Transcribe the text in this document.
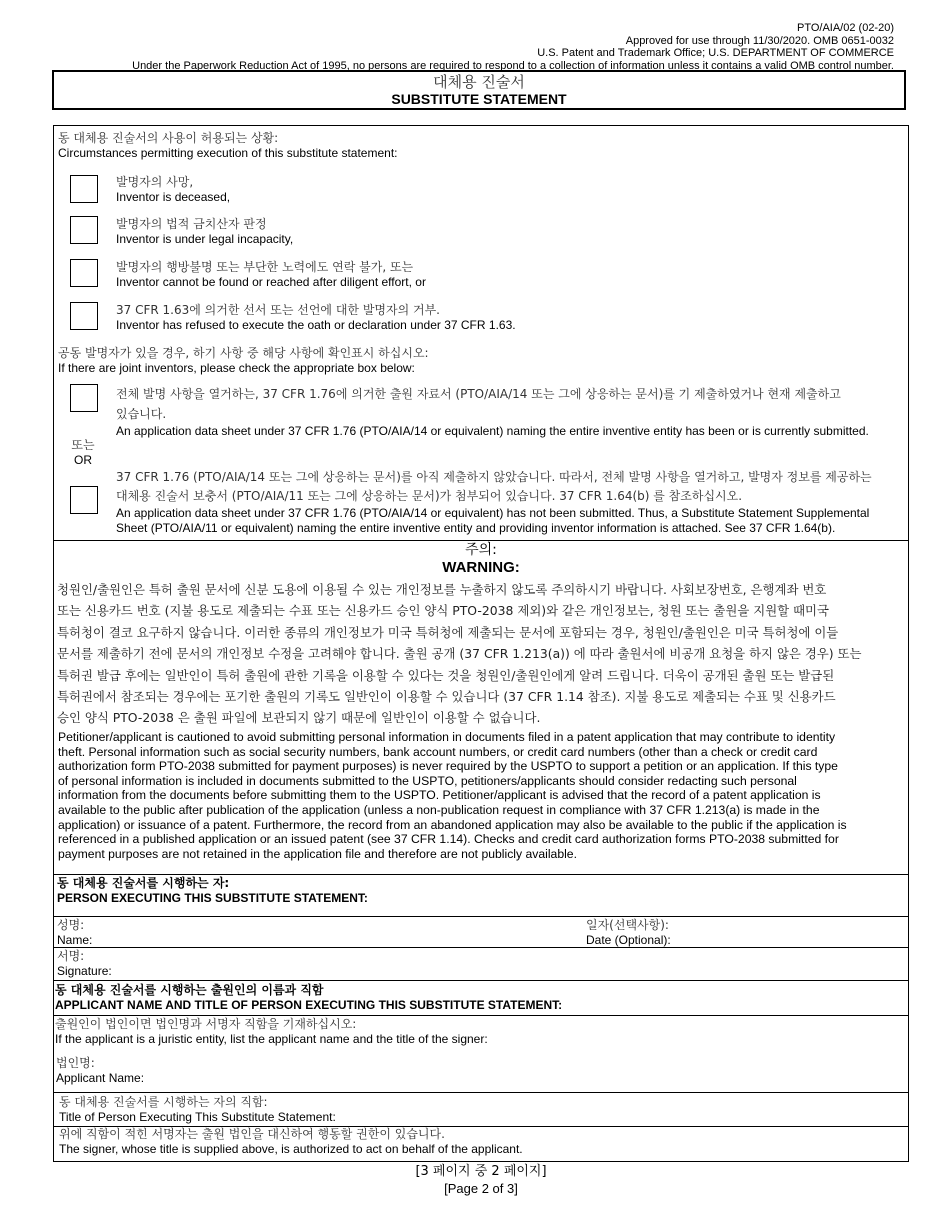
PTO/AIA/02 (02-20)
Approved for use through 11/30/2020. OMB 0651-0032
U.S. Patent and Trademark Office; U.S. DEPARTMENT OF COMMERCE
Under the Paperwork Reduction Act of 1995, no persons are required to respond to a collection of information unless it contains a valid OMB control number.
대체용 진술서
SUBSTITUTE STATEMENT
동 대체용 진술서의 사용이 허용되는 상황:
Circumstances permitting execution of this substitute statement:
발명자의 사망,
Inventor is deceased,
발명자의 법적 금치산자 판정
Inventor is under legal incapacity,
발명자의 행방불명 또는 부단한 노력에도 연락 불가, 또는
Inventor cannot be found or reached after diligent effort, or
37 CFR 1.63에 의거한 선서 또는 선언에 대한 발명자의 거부.
Inventor has refused to execute the oath or declaration under 37 CFR 1.63.
공동 발명자가 있을 경우, 하기 사항 중 해당 사항에 확인표시 하십시오:
If there are joint inventors, please check the appropriate box below:
전체 발명 사항을 열거하는, 37 CFR 1.76에 의거한 출원 자료서 (PTO/AIA/14 또는 그에 상응하는 문서)를 기 제출하였거나 현재 제출하고
있습니다.
An application data sheet under 37 CFR 1.76 (PTO/AIA/14 or equivalent) naming the entire inventive entity has been or is currently submitted.
또는
OR
37 CFR 1.76 (PTO/AIA/14 또는 그에 상응하는 문서)를 아직 제출하지 않았습니다. 따라서, 전체 발명 사항을 열거하고, 발명자 정보를 제공하는
대체용 진술서 보충서 (PTO/AIA/11 또는 그에 상응하는 문서)가 첨부되어 있습니다. 37 CFR 1.64(b) 를 참조하십시오.
An application data sheet under 37 CFR 1.76 (PTO/AIA/14 or equivalent) has not been submitted. Thus, a Substitute Statement Supplemental
Sheet (PTO/AIA/11 or equivalent) naming the entire inventive entity and providing inventor information is attached. See 37 CFR 1.64(b).
주의:
WARNING:
청원인/출원인은 특허 출원 문서에 신분 도용에 이용될 수 있는 개인정보를 누출하지 않도록 주의하시기 바랍니다. 사회보장번호, 은행계좌 번호
또는 신용카드 번호 (지불 용도로 제출되는 수표 또는 신용카드 승인 양식 PTO-2038 제외)와 같은 개인정보는, 청원 또는 출원을 지원할 때미국
특허청이 결코 요구하지 않습니다. 이러한 종류의 개인정보가 미국 특허청에 제출되는 문서에 포함되는 경우, 청원인/출원인은 미국 특허청에 이들
문서를 제출하기 전에 문서의 개인정보 수정을 고려해야 합니다. 출원 공개 (37 CFR 1.213(a)) 에 따라 출원서에 비공개 요청을 하지 않은 경우) 또는
특허권 발급 후에는 일반인이 특허 출원에 관한 기록을 이용할 수 있다는 것을 청원인/출원인에게 알려 드립니다. 더욱이 공개된 출원 또는 발급된
특허권에서 참조되는 경우에는 포기한 출원의 기록도 일반인이 이용할 수 있습니다 (37 CFR 1.14 참조). 지불 용도로 제출되는 수표 및 신용카드
승인 양식 PTO-2038 은 출원 파일에 보관되지 않기 때문에 일반인이 이용할 수 없습니다.
Petitioner/applicant is cautioned to avoid submitting personal information in documents filed in a patent application that may contribute to identity
theft. Personal information such as social security numbers, bank account numbers, or credit card numbers (other than a check or credit card
authorization form PTO-2038 submitted for payment purposes) is never required by the USPTO to support a petition or an application. If this type
of personal information is included in documents submitted to the USPTO, petitioners/applicants should consider redacting such personal
information from the documents before submitting them to the USPTO. Petitioner/applicant is advised that the record of a patent application is
available to the public after publication of the application (unless a non-publication request in compliance with 37 CFR 1.213(a) is made in the
application) or issuance of a patent. Furthermore, the record from an abandoned application may also be available to the public if the application is
referenced in a published application or an issued patent (see 37 CFR 1.14). Checks and credit card authorization forms PTO-2038 submitted for
payment purposes are not retained in the application file and therefore are not publicly available.
동 대체용 진술서를 시행하는 자:
PERSON EXECUTING THIS SUBSTITUTE STATEMENT:
성명:
Name:
일자(선택사항):
Date (Optional):
서명:
Signature:
동 대체용 진술서를 시행하는 출원인의 이름과 직함
APPLICANT NAME AND TITLE OF PERSON EXECUTING THIS SUBSTITUTE STATEMENT:
출원인이 법인이면 법인명과 서명자 직함을 기재하십시오:
If the applicant is a juristic entity, list the applicant name and the title of the signer:
법인명:
Applicant Name:
동 대체용 진술서를 시행하는 자의 직함:
Title of Person Executing This Substitute Statement:
위에 직함이 적힌 서명자는 출원 법인을 대신하여 행동할 권한이 있습니다.
The signer, whose title is supplied above, is authorized to act on behalf of the applicant.
[3 페이지 중 2 페이지]
[Page 2 of 3]
